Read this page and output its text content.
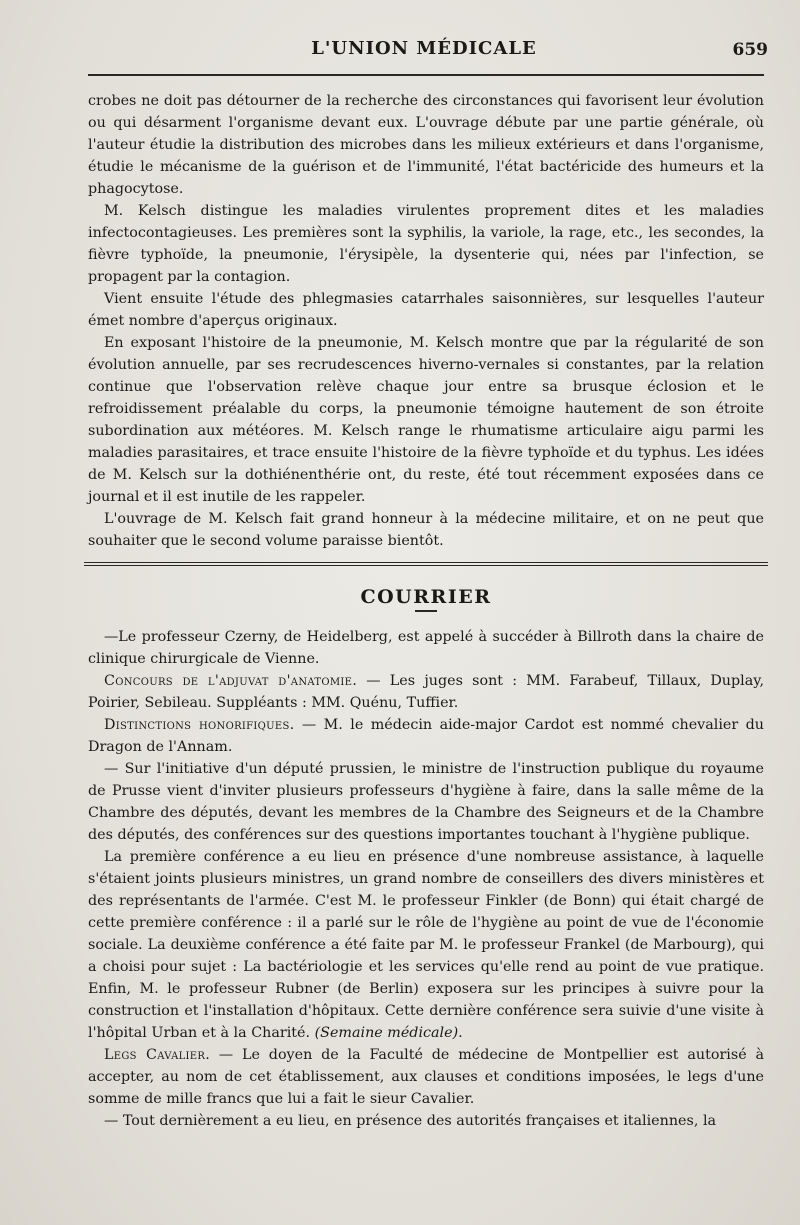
L'UNION MÉDICALE	659

crobes ne doit pas détourner de la recherche des circonstances qui favorisent leur évolution ou qui désarment l'organisme devant eux. L'ouvrage débute par une partie générale, où l'auteur étudie la distribution des microbes dans les milieux extérieurs et dans l'organisme, étudie le mécanisme de la guérison et de l'immunité, l'état bactéricide des humeurs et la phagocytose.

M. Kelsch distingue les maladies virulentes proprement dites et les maladies infectocontagieuses. Les premières sont la syphilis, la variole, la rage, etc., les secondes, la fièvre typhoïde, la pneumonie, l'érysipèle, la dysenterie qui, nées par l'infection, se propagent par la contagion.

Vient ensuite l'étude des phlegmasies catarrhales saisonnières, sur lesquelles l'auteur émet nombre d'aperçus originaux.

En exposant l'histoire de la pneumonie, M. Kelsch montre que par la régularité de son évolution annuelle, par ses recrudescences hiverno-vernales si constantes, par la relation continue que l'observation relève chaque jour entre sa brusque éclosion et le refroidissement préalable du corps, la pneumonie témoigne hautement de son étroite subordination aux météores. M. Kelsch range le rhumatisme articulaire aigu parmi les maladies parasitaires, et trace ensuite l'histoire de la fièvre typhoïde et du typhus. Les idées de M. Kelsch sur la dothiénenthérie ont, du reste, été tout récemment exposées dans ce journal et il est inutile de les rappeler.

L'ouvrage de M. Kelsch fait grand honneur à la médecine militaire, et on ne peut que souhaiter que le second volume paraisse bientôt.

COURRIER

—Le professeur Czerny, de Heidelberg, est appelé à succéder à Billroth dans la chaire de clinique chirurgicale de Vienne.

Concours de l'adjuvat d'anatomie. — Les juges sont : MM. Farabeuf, Tillaux, Duplay, Poirier, Sebileau. Suppléants : MM. Quénu, Tuffier.

Distinctions honorifiques. — M. le médecin aide-major Cardot est nommé chevalier du Dragon de l'Annam.

— Sur l'initiative d'un député prussien, le ministre de l'instruction publique du royaume de Prusse vient d'inviter plusieurs professeurs d'hygiène à faire, dans la salle même de la Chambre des députés, devant les membres de la Chambre des Seigneurs et de la Chambre des députés, des conférences sur des questions importantes touchant à l'hygiène publique.

La première conférence a eu lieu en présence d'une nombreuse assistance, à laquelle s'étaient joints plusieurs ministres, un grand nombre de conseillers des divers ministères et des représentants de l'armée. C'est M. le professeur Finkler (de Bonn) qui était chargé de cette première conférence : il a parlé sur le rôle de l'hygiène au point de vue de l'économie sociale. La deuxième conférence a été faite par M. le professeur Frankel (de Marbourg), qui a choisi pour sujet : La bactériologie et les services qu'elle rend au point de vue pratique. Enfin, M. le professeur Rubner (de Berlin) exposera sur les principes à suivre pour la construction et l'installation d'hôpitaux. Cette dernière conférence sera suivie d'une visite à l'hôpital Urban et à la Charité. (Semaine médicale).

Legs Cavalier. — Le doyen de la Faculté de médecine de Montpellier est autorisé à accepter, au nom de cet établissement, aux clauses et conditions imposées, le legs d'une somme de mille francs que lui a fait le sieur Cavalier.

— Tout dernièrement a eu lieu, en présence des autorités françaises et italiennes, la
